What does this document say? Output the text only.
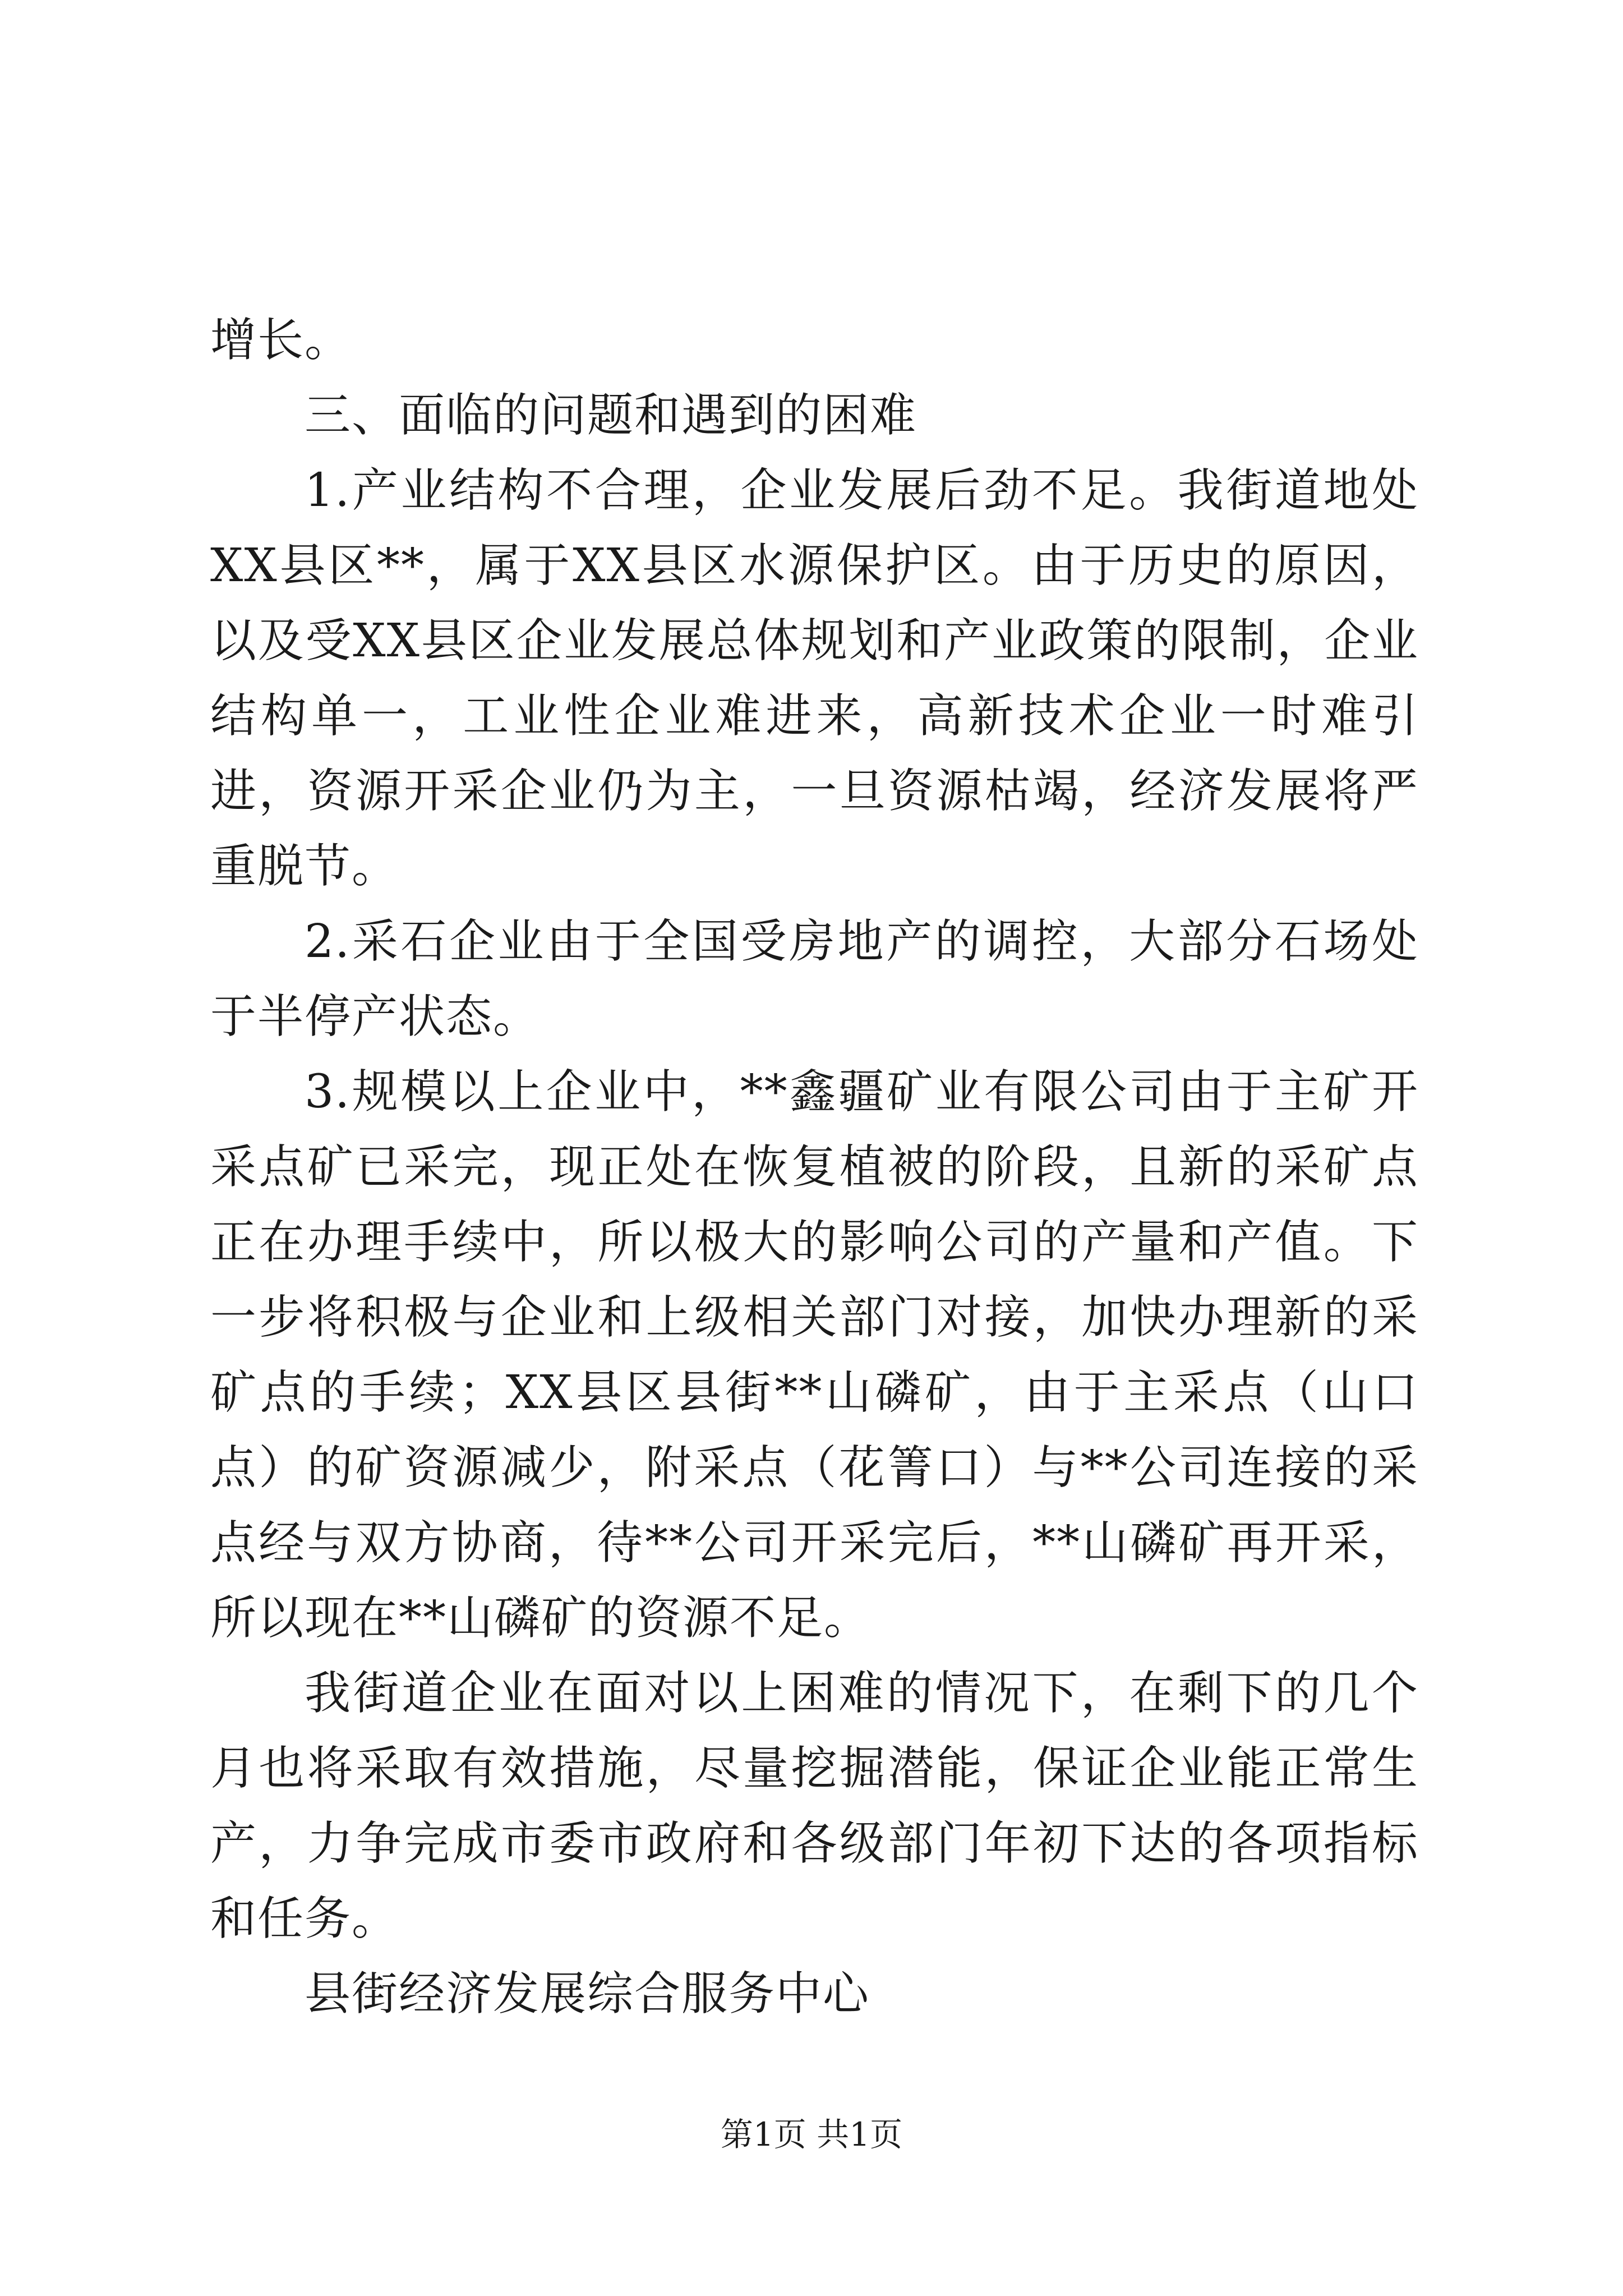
增长。

三、面临的问题和遇到的困难

1.产业结构不合理，企业发展后劲不足。我街道地处XX县区**，属于XX县区水源保护区。由于历史的原因，以及受XX县区企业发展总体规划和产业政策的限制，企业结构单一，工业性企业难进来，高新技术企业一时难引进，资源开采企业仍为主，一旦资源枯竭，经济发展将严重脱节。

2.采石企业由于全国受房地产的调控，大部分石场处于半停产状态。

3.规模以上企业中，**鑫疆矿业有限公司由于主矿开采点矿已采完，现正处在恢复植被的阶段，且新的采矿点正在办理手续中，所以极大的影响公司的产量和产值。下一步将积极与企业和上级相关部门对接，加快办理新的采矿点的手续；XX县区县街**山磷矿，由于主采点（山口点）的矿资源减少，附采点（花箐口）与**公司连接的采点经与双方协商，待**公司开采完后，**山磷矿再开采，所以现在**山磷矿的资源不足。

我街道企业在面对以上困难的情况下，在剩下的几个月也将采取有效措施，尽量挖掘潜能，保证企业能正常生产，力争完成市委市政府和各级部门年初下达的各项指标和任务。

县街经济发展综合服务中心

第1页 共1页
